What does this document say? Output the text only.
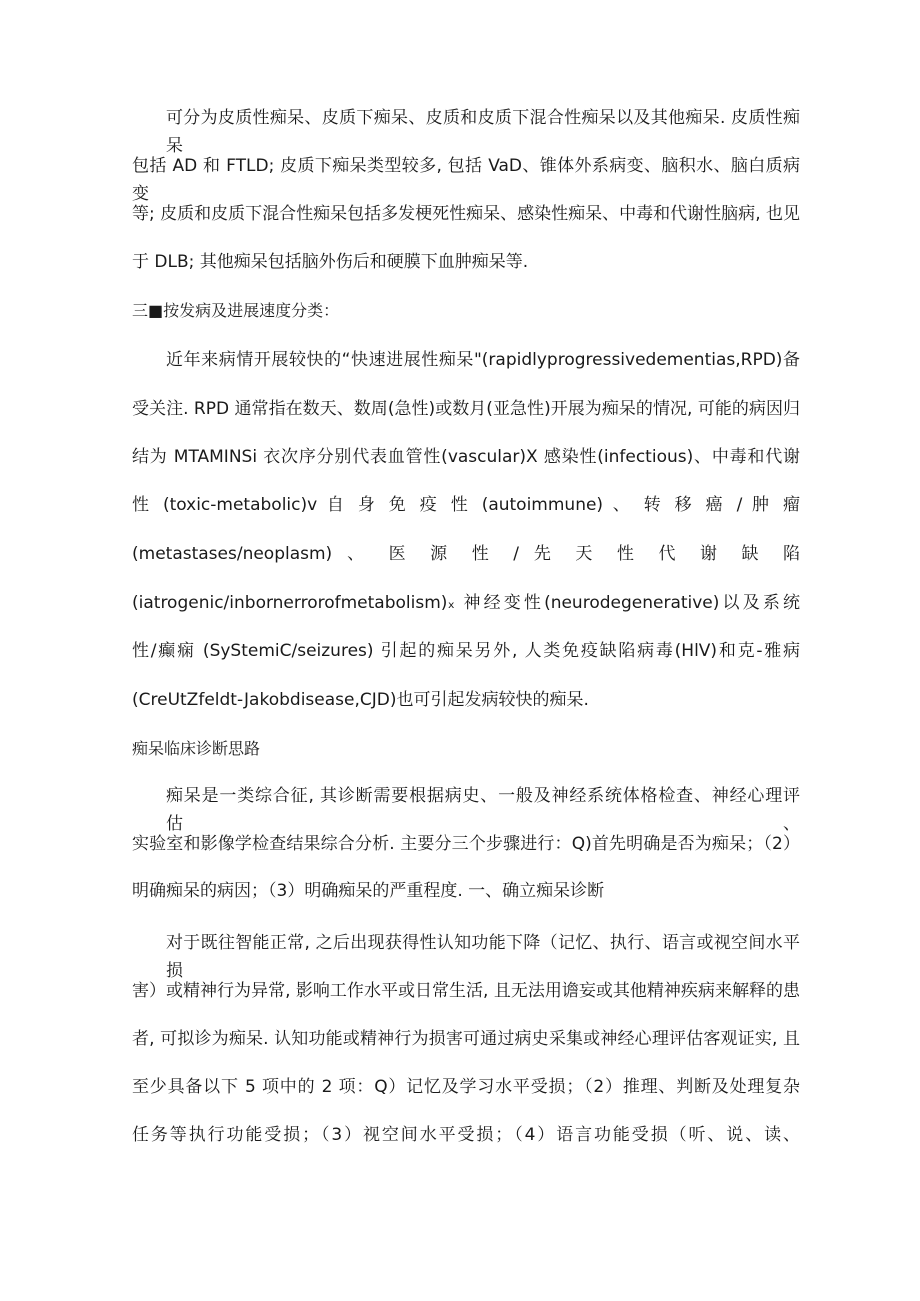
可分为皮质性痴呆、皮质下痴呆、皮质和皮质下混合性痴呆以及其他痴呆. 皮质性痴呆
包括 AD 和 FTLD; 皮质下痴呆类型较多, 包括 VaD、锥体外系病变、脑积水、脑白质病变
等; 皮质和皮质下混合性痴呆包括多发梗死性痴呆、感染性痴呆、中毒和代谢性脑病, 也见
于 DLB; 其他痴呆包括脑外伤后和硬膜下血肿痴呆等.
三■按发病及进展速度分类：
近年来病情开展较快的“快速进展性痴呆"(rapidlyprogressivedementias,RPD)备
受关注. RPD 通常指在数天、数周(急性)或数月(亚急性)开展为痴呆的情况, 可能的病因归
结为 MTAMINSi 衣次序分别代表血管性(vascular)X 感染性(infectious)、中毒和代谢
性 (toxic-metabolic)v 自 身 免 疫 性 (autoimmune) 、 转 移 癌 / 肿 瘤
(metastases/neoplasm) 、 医 源 性 / 先 天 性 代 谢 缺 陷
(iatrogenic/inbornerrorofmetabolism)ₓ 神经变性(neurodegenerative)以及系统
性/癫痫 (SyStemiC/seizures) 引起的痴呆另外, 人类免疫缺陷病毒(HlV)和克-雅病
(CreUtZfeldt-Jakobdisease,CJD)也可引起发病较快的痴呆.
痴呆临床诊断思路
痴呆是一类综合征, 其诊断需要根据病史、一般及神经系统体格检查、神经心理评估、
实验室和影像学检查结果综合分析. 主要分三个步骤进行：Q)首先明确是否为痴呆；（2）
明确痴呆的病因；（3）明确痴呆的严重程度. 一、确立痴呆诊断
对于既往智能正常, 之后出现获得性认知功能下降（记忆、执行、语言或视空间水平损
害）或精神行为异常, 影响工作水平或日常生活, 且无法用谵妄或其他精神疾病来解释的患
者, 可拟诊为痴呆. 认知功能或精神行为损害可通过病史采集或神经心理评估客观证实, 且
至少具备以下 5 项中的 2 项：Q）记忆及学习水平受损；（2）推理、判断及处理复杂
任务等执行功能受损；（3）视空间水平受损；（4）语言功能受损（听、说、读、
